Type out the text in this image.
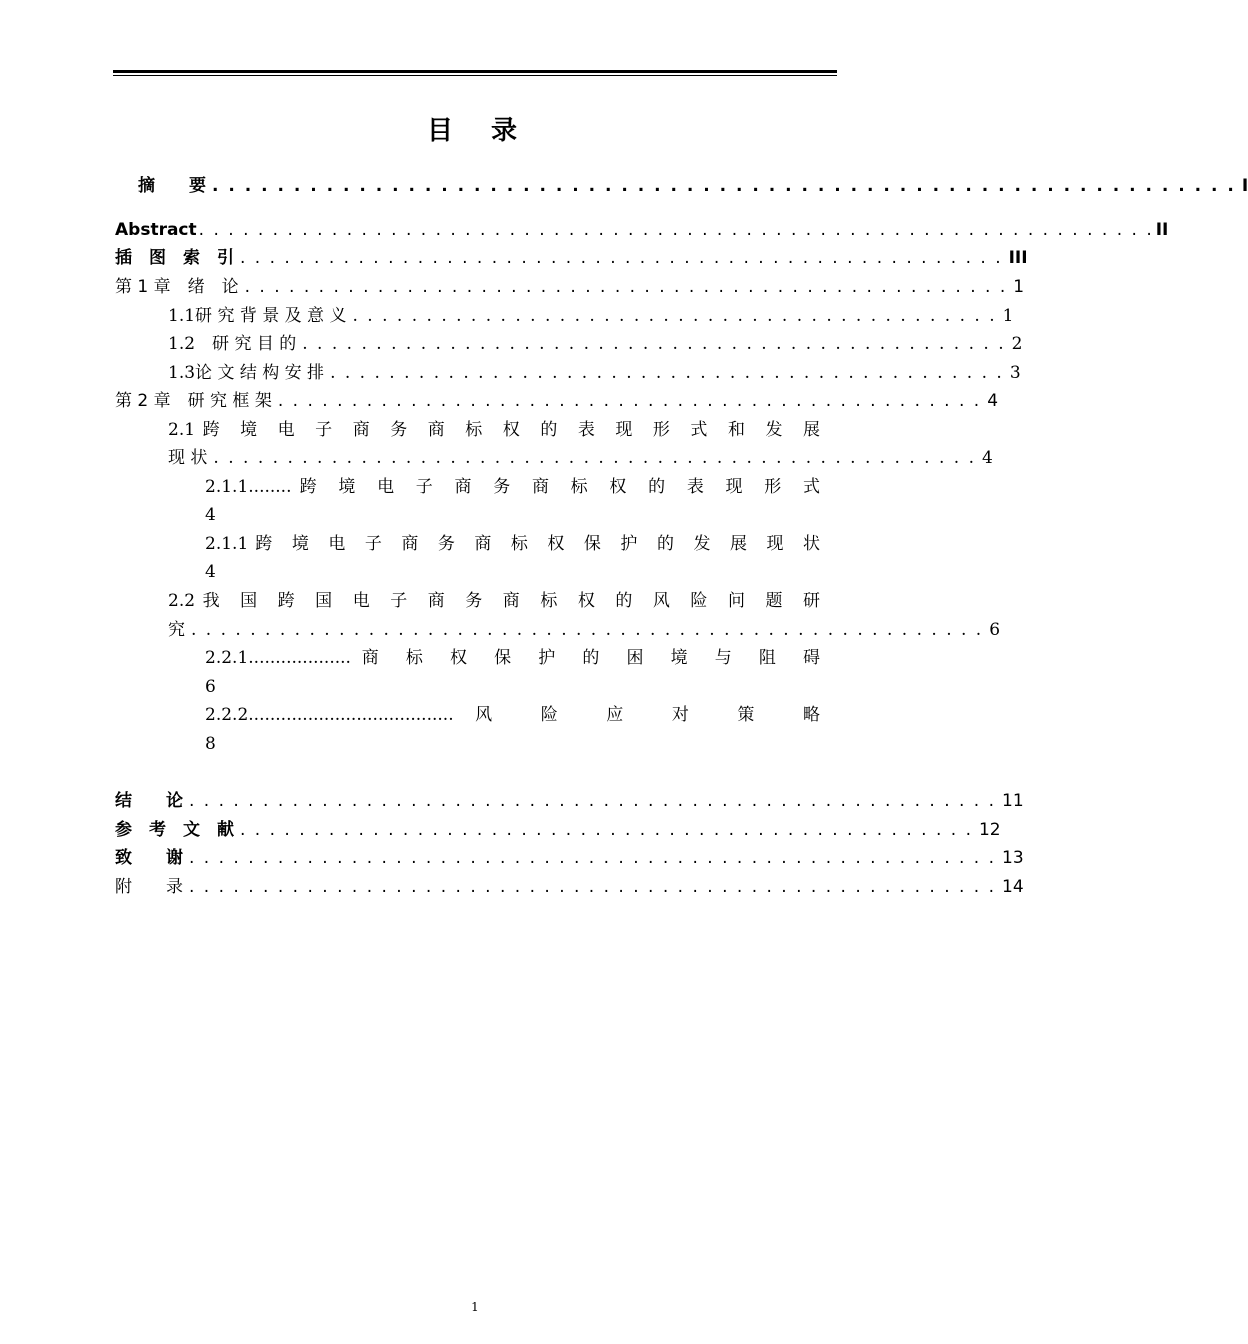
目　录
摘　　要 . . . . . . . . . . . . . . . . . . . . . . . . . . . . . . . . . . . . . . . . . . . . . . . . . . . . . . . . . . . . . . . I
Abstract . . . . . . . . . . . . . . . . . . . . . . . . . . . . . . . . . . . . . . . . . . . . . . . . . . . . . . . . . . . . . . . . . II
插　图　索　引 . . . . . . . . . . . . . . . . . . . . . . . . . . . . . . . . . . . . . . . . . . . . . . . . . . . . III
第 1 章　绪　论 . . . . . . . . . . . . . . . . . . . . . . . . . . . . . . . . . . . . . . . . . . . . . . . . . . . . 1
1.1研 究 背 景 及 意 义 . . . . . . . . . . . . . . . . . . . . . . . . . . . . . . . . . . . . . . . . . . . . 1
1.2　研 究 目 的 . . . . . . . . . . . . . . . . . . . . . . . . . . . . . . . . . . . . . . . . . . . . . . . . 2
1.3论 文 结 构 安 排 . . . . . . . . . . . . . . . . . . . . . . . . . . . . . . . . . . . . . . . . . . . . . . 3
第 2 章　研 究 框 架 . . . . . . . . . . . . . . . . . . . . . . . . . . . . . . . . . . . . . . . . . . . . . . . . 4
2.1跨 境 电 子 商 务 商 标 权 的 表 现 形 式 和 发 展
现 状 . . . . . . . . . . . . . . . . . . . . . . . . . . . . . . . . . . . . . . . . . . . . . . . . . . . . 4
2.1.1........跨 境 电 子 商 务 商 标 权 的 表 现 形 式
4
2.1.1跨 境 电 子 商 务 商 标 权 保 护 的 发 展 现 状
4
2.2我 国 跨 国 电 子 商 务 商 标 权 的 风 险 问 题 研
究 . . . . . . . . . . . . . . . . . . . . . . . . . . . . . . . . . . . . . . . . . . . . . . . . . . . . . . 6
2.2.1...................商 标 权 保 护 的 困 境 与 阻 碍
6
2.2.2......................................风 险 应 对 策 略
8
结　　论 . . . . . . . . . . . . . . . . . . . . . . . . . . . . . . . . . . . . . . . . . . . . . . . . . . . . . . . 11
参　考　文　献 . . . . . . . . . . . . . . . . . . . . . . . . . . . . . . . . . . . . . . . . . . . . . . . . . . 12
致　　谢 . . . . . . . . . . . . . . . . . . . . . . . . . . . . . . . . . . . . . . . . . . . . . . . . . . . . . . . 13
附　　录 . . . . . . . . . . . . . . . . . . . . . . . . . . . . . . . . . . . . . . . . . . . . . . . . . . . . . . . 14
1
